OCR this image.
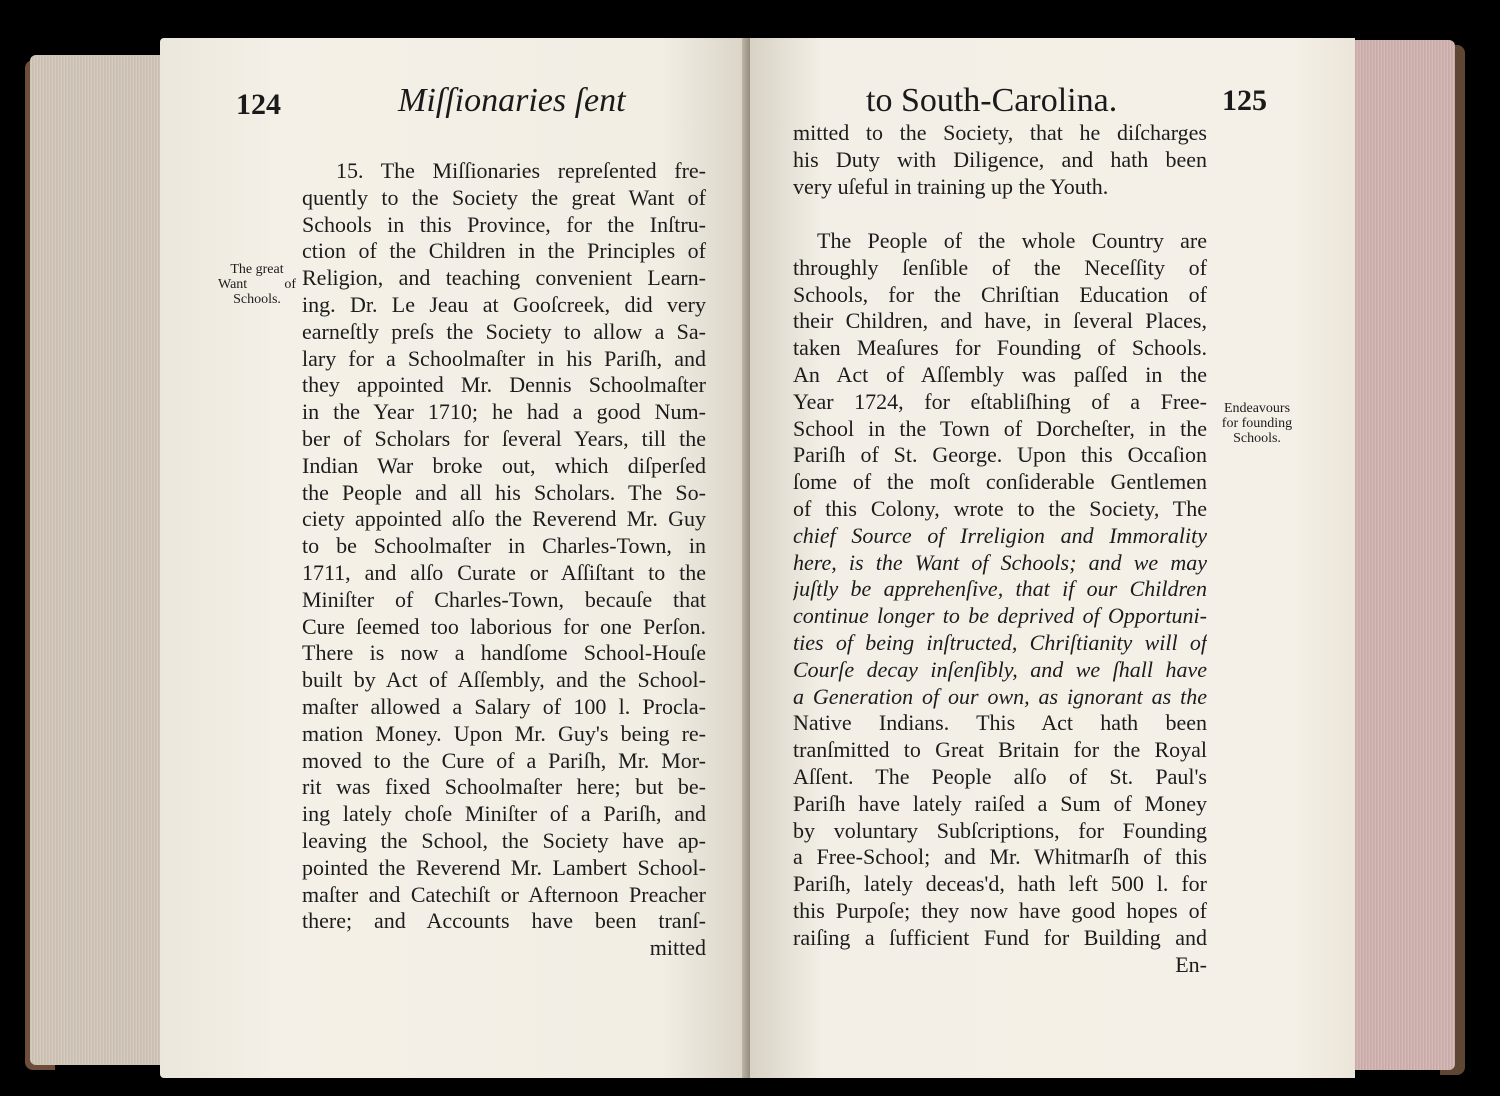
124	Miſſionaries ſent
The great
Want of
Schools.
15. The Miſſionaries repreſented fre-
quently to the Society the great Want of
Schools in this Province, for the Inſtru-
ction of the Children in the Principles of
Religion, and teaching convenient Learn-
ing. Dr. Le Jeau at Gooſcreek, did very
earneſtly preſs the Society to allow a Sa-
lary for a Schoolmaſter in his Pariſh, and
they appointed Mr. Dennis Schoolmaſter
in the Year 1710; he had a good Num-
ber of Scholars for ſeveral Years, till the
Indian War broke out, which diſperſed
the People and all his Scholars. The So-
ciety appointed alſo the Reverend Mr. Guy
to be Schoolmaſter in Charles-Town, in
1711, and alſo Curate or Aſſiſtant to the
Miniſter of Charles-Town, becauſe that
Cure ſeemed too laborious for one Perſon.
There is now a handſome School-Houſe
built by Act of Aſſembly, and the School-
maſter allowed a Salary of 100 l. Procla-
mation Money. Upon Mr. Guy's being re-
moved to the Cure of a Pariſh, Mr. Mor-
rit was fixed Schoolmaſter here; but be-
ing lately choſe Miniſter of a Pariſh, and
leaving the School, the Society have ap-
pointed the Reverend Mr. Lambert School-
maſter and Catechiſt or Afternoon Preacher
there; and Accounts have been tranſ-
mitted
to South-Carolina.	125
mitted to the Society, that he diſcharges
his Duty with Diligence, and hath been
very uſeful in training up the Youth.
The People of the whole Country are
throughly ſenſible of the Neceſſity of
Schools, for the Chriſtian Education of
their Children, and have, in ſeveral Places,
taken Meaſures for Founding of Schools.
An Act of Aſſembly was paſſed in the
Year 1724, for eſtabliſhing of a Free-
School in the Town of Dorcheſter, in the
Pariſh of St. George. Upon this Occaſion
ſome of the moſt conſiderable Gentlemen
of this Colony, wrote to the Society, The
chief Source of Irreligion and Immorality
here, is the Want of Schools; and we may
juſtly be apprehenſive, that if our Children
continue longer to be deprived of Opportuni-
ties of being inſtructed, Chriſtianity will of
Courſe decay inſenſibly, and we ſhall have
a Generation of our own, as ignorant as the
Native Indians. This Act hath been
tranſmitted to Great Britain for the Royal
Aſſent. The People alſo of St. Paul's
Pariſh have lately raiſed a Sum of Money
by voluntary Subſcriptions, for Founding
a Free-School; and Mr. Whitmarſh of this
Pariſh, lately deceas'd, hath left 500 l. for
this Purpoſe; they now have good hopes of
raiſing a ſufficient Fund for Building and
En-
Endeavours
for founding
Schools.
